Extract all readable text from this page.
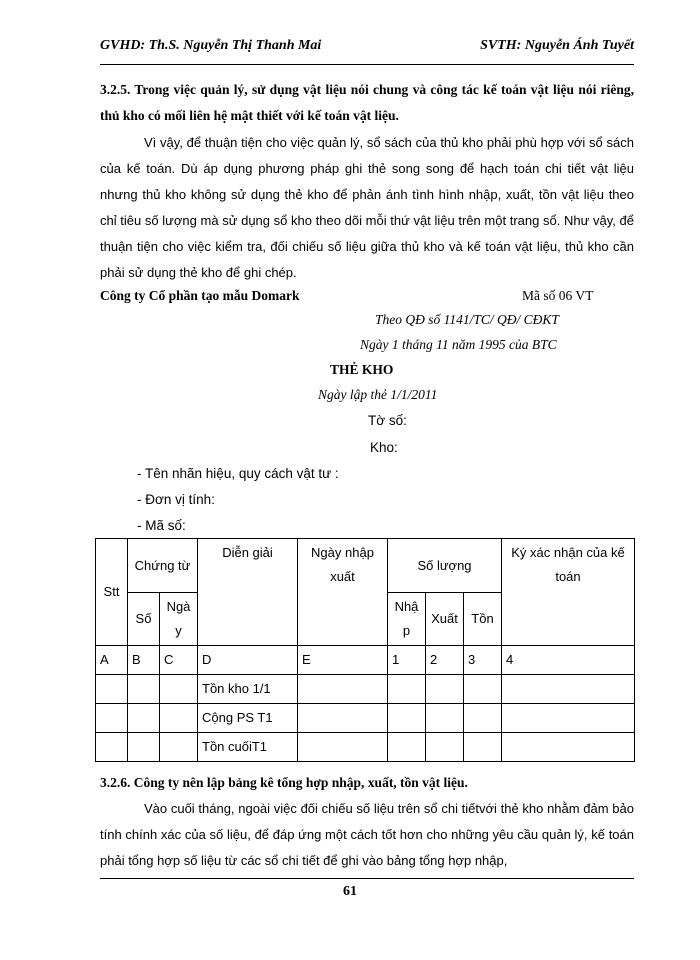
GVHD: Th.S. Nguyễn Thị Thanh Mai	SVTH: Nguyễn Ánh Tuyết
3.2.5. Trong việc quản lý, sử dụng vật liệu nói chung và công tác kế toán vật liệu nói riêng, thủ kho có mối liên hệ mật thiết với kế toán vật liệu.
Vì vậy, để thuận tiện cho việc quản lý, sổ sách của thủ kho phải phù hợp với sổ sách của kế toán. Dù áp dụng phương pháp ghi thẻ song song để hạch toán chi tiết vật liệu nhưng thủ kho không sử dụng thẻ kho để phản ánh tình hình nhập, xuất, tồn vật liệu theo chỉ tiêu số lượng mà sử dụng sổ kho theo dõi mỗi thứ vật liệu trên một trang sổ. Như vậy, để thuận tiện cho việc kiểm tra, đối chiếu số liệu giữa thủ kho và kế toán vật liệu, thủ kho cần phải sử dụng thẻ kho để ghi chép.
Công ty Cổ phần tạo mẫu Domark	Mã số 06 VT
Theo QĐ số 1141/TC/ QĐ/ CĐKT
Ngày 1 tháng 11 năm 1995 của BTC
THẺ KHO
Ngày lập thẻ 1/1/2011
Tờ số:
Kho:
- Tên nhãn hiệu, quy cách vật tư :
- Đơn vị tính:
- Mã số:
Stt	Chứng từ		Diễn giải	Ngày nhập xuất	Số lượng			Ký xác nhận của kế toán
	Số	Ngày			Nhập	Xuất	Tồn	
A	B	C	D	E	1	2	3	4
			Tồn kho 1/1					
			Cộng PS T1					
			Tồn cuốiT1					
3.2.6. Công ty nên lập bảng kê tổng hợp nhập, xuất, tồn vật liệu.
Vào cuối tháng, ngoài việc đối chiếu số liệu trên sổ chi tiếtvới thẻ kho nhằm đảm bảo tính chính xác của số liệu, để đáp ứng một cách tốt hơn cho những yêu cầu quản lý, kế toán phải tổng hợp số liệu từ các sổ chi tiết để ghi vào bảng tổng hợp nhập,
61
